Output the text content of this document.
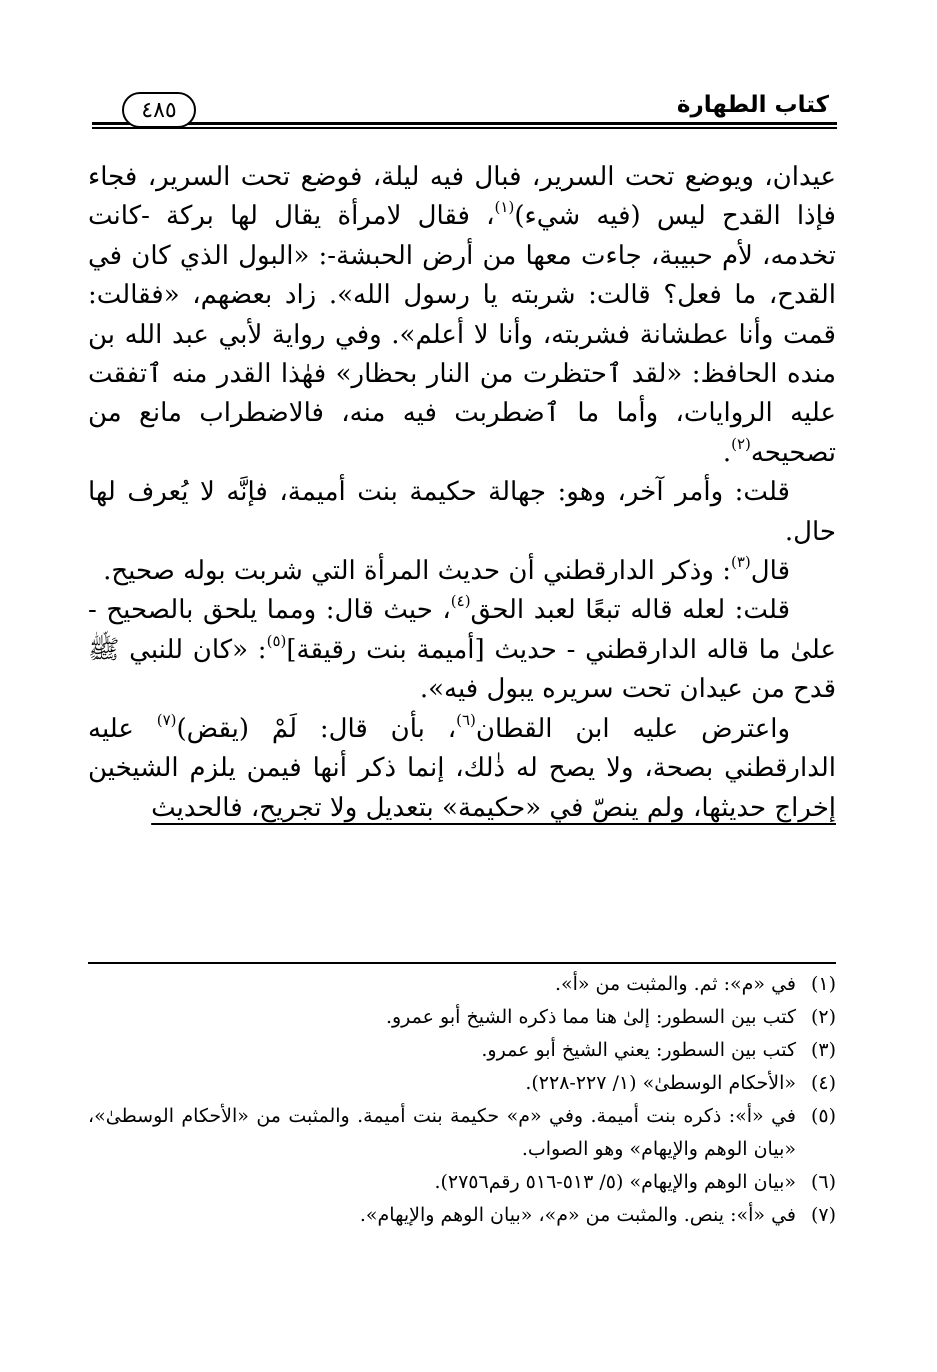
كتاب الطهارة
٤٨٥

عيدان، ويوضع تحت السرير، فبال فيه ليلة، فوضع تحت السرير، فجاء فإذا القدح ليس (فيه شيء)$^{(١)}$، فقال لامرأة يقال لها بركة -كانت تخدمه، لأم حبيبة، جاءت معها من أرض الحبشة-: «البول الذي كان في القدح، ما فعل؟ قالت: شربته يا رسول الله». زاد بعضهم، «فقالت: قمت وأنا عطشانة فشربته، وأنا لا أعلم». وفي رواية لأبي عبد الله بن منده الحافظ: «لقد ٱحتظرت من النار بحظار» فهٰذا القدر منه ٱتفقت عليه الروايات، وأما ما ٱضطربت فيه منه، فالاضطراب مانع من تصحيحه$^{(٢)}$.

قلت: وأمر آخر، وهو: جهالة حكيمة بنت أميمة، فإنَّه لا يُعرف لها حال.

قال$^{(٣)}$: وذكر الدارقطني أن حديث المرأة التي شربت بوله صحيح.

قلت: لعله قاله تبعًا لعبد الحق$^{(٤)}$، حيث قال: ومما يلحق بالصحيح - علىٰ ما قاله الدارقطني - حديث [أميمة بنت رقيقة]$^{(٥)}$: «كان للنبي ﷺ قدح من عيدان تحت سريره يبول فيه».

واعترض عليه ابن القطان$^{(٦)}$، بأن قال: لَمْ (يقض)$^{(٧)}$ عليه الدارقطني بصحة، ولا يصح له ذٰلك، إنما ذكر أنها فيمن يلزم الشيخين إخراج حديثها، ولم ينصّ في «حكيمة» بتعديل ولا تجريح، فالحديث

(١)في «م»: ثم. والمثبت من «أ».

(٢)كتب بين السطور: إلىٰ هنا مما ذكره الشيخ أبو عمرو.

(٣)كتب بين السطور: يعني الشيخ أبو عمرو.

(٤)«الأحكام الوسطىٰ» (١/ ٢٢٧-٢٢٨).

(٥)في «أ»: ذكره بنت أميمة. وفي «م» حكيمة بنت أميمة. والمثبت من «الأحكام الوسطىٰ»، «بيان الوهم والإيهام» وهو الصواب.

(٦)«بيان الوهم والإيهام» (٥/ ٥١٣-٥١٦ رقم٢٧٥٦).

(٧)في «أ»: ينص. والمثبت من «م»، «بيان الوهم والإيهام».
